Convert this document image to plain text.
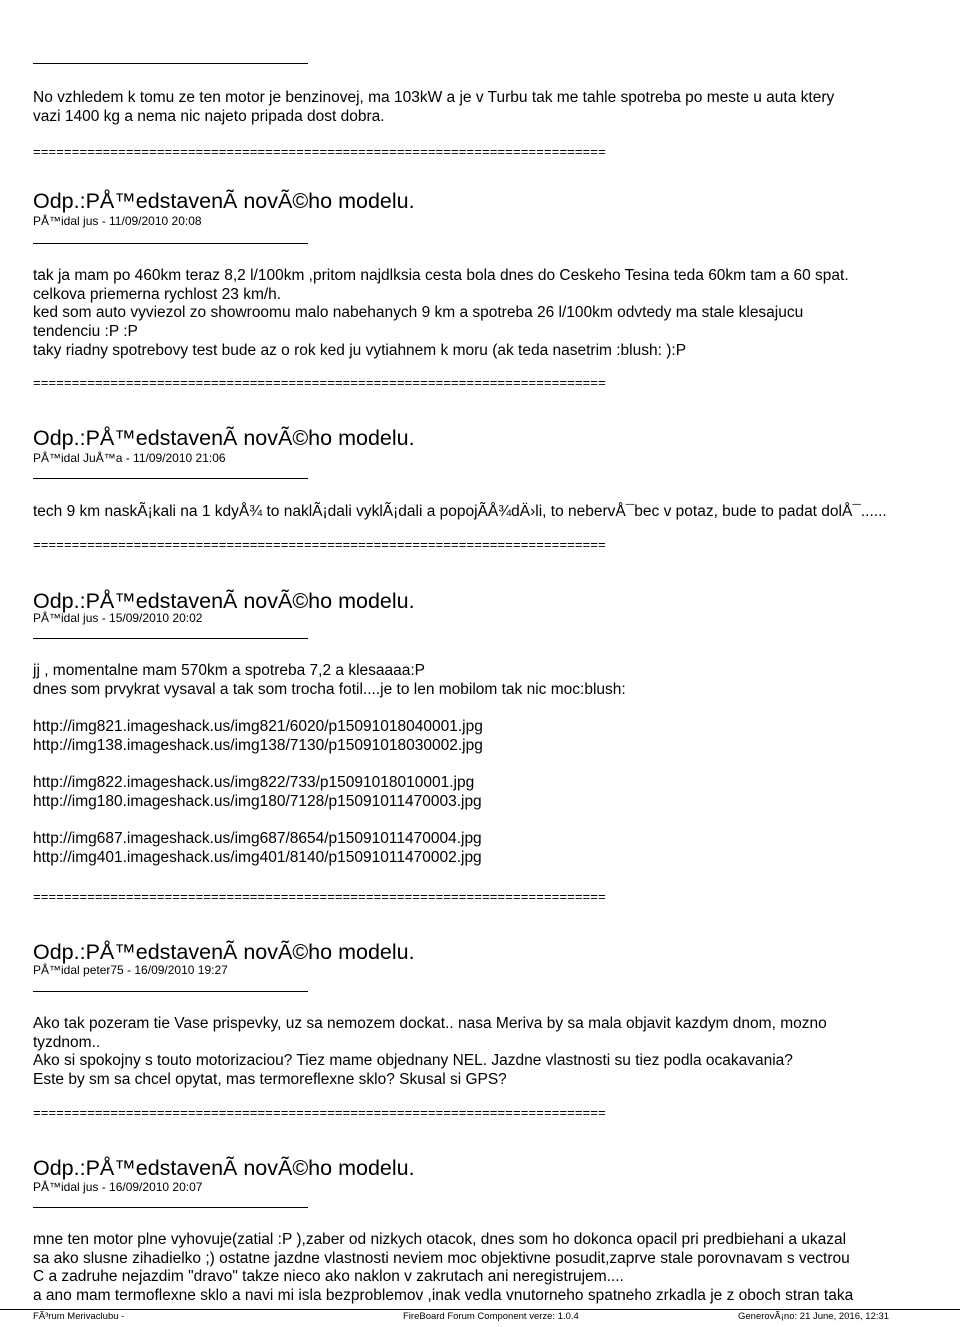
No vzhledem k tomu ze ten motor je benzinovej, ma 103kW a je v Turbu tak me tahle spotreba po meste u auta ktery
vazi 1400 kg a nema nic najeto pripada dost dobra.
==========================================================================
Odp.:PÅ™edstavenÃ novÃ©ho modelu.
PÅ™idal jus - 11/09/2010 20:08
tak ja mam po 460km teraz 8,2 l/100km ,pritom najdlksia cesta bola dnes do Ceskeho Tesina teda 60km tam a 60 spat.
celkova priemerna rychlost 23 km/h.
ked som auto vyviezol zo showroomu malo nabehanych 9 km a spotreba 26 l/100km odvtedy ma stale klesajucu
tendenciu :P :P
taky riadny spotrebovy test bude az o rok ked ju vytiahnem k moru (ak teda nasetrim :blush: ):P
==========================================================================
Odp.:PÅ™edstavenÃ novÃ©ho modelu.
PÅ™idal JuÅ™a - 11/09/2010 21:06
tech 9 km naskÃ¡kali na 1 kdyÅ¾ to naklÃ¡dali vyklÃ¡dali a popojÃÅ¾dÄ›li, to nebervÅ¯bec v potaz, bude to padat dolÅ¯......
==========================================================================
Odp.:PÅ™edstavenÃ novÃ©ho modelu.
PÅ™idal jus - 15/09/2010 20:02
jj , momentalne mam 570km a spotreba 7,2 a klesaaaa:P
dnes som prvykrat vysaval a tak som trocha fotil....je to len mobilom tak nic moc:blush:

http://img821.imageshack.us/img821/6020/p15091018040001.jpg
http://img138.imageshack.us/img138/7130/p15091018030002.jpg

http://img822.imageshack.us/img822/733/p15091018010001.jpg
http://img180.imageshack.us/img180/7128/p15091011470003.jpg

http://img687.imageshack.us/img687/8654/p15091011470004.jpg
http://img401.imageshack.us/img401/8140/p15091011470002.jpg
==========================================================================
Odp.:PÅ™edstavenÃ novÃ©ho modelu.
PÅ™idal peter75 - 16/09/2010 19:27
Ako tak pozeram tie Vase prispevky, uz sa nemozem dockat.. nasa Meriva by sa mala objavit kazdym dnom, mozno
tyzdnom..
Ako si spokojny s touto motorizaciou? Tiez mame objednany NEL. Jazdne vlastnosti su tiez podla ocakavania?
Este by sm sa chcel opytat, mas termoreflexne sklo? Skusal si GPS?
==========================================================================
Odp.:PÅ™edstavenÃ novÃ©ho modelu.
PÅ™idal jus - 16/09/2010 20:07
mne ten motor plne vyhovuje(zatial :P ),zaber od nizkych otacok, dnes som ho dokonca opacil pri predbiehani a ukazal
sa ako slusne zihadielko ;) ostatne jazdne vlastnosti neviem moc objektivne posudit,zaprve stale porovnavam s vectrou
C a zadruhe nejazdim "dravo" takze nieco ako naklon v zakrutach ani neregistrujem....
a ano mam termoflexne sklo a navi mi isla bezproblemov ,inak vedla vnutorneho spatneho zrkadla je z oboch stran taka
FÃ³rum Merivaclubu -	FireBoard Forum Component verze: 1.0.4	GenerovÃ¡no: 21 June, 2016, 12:31
